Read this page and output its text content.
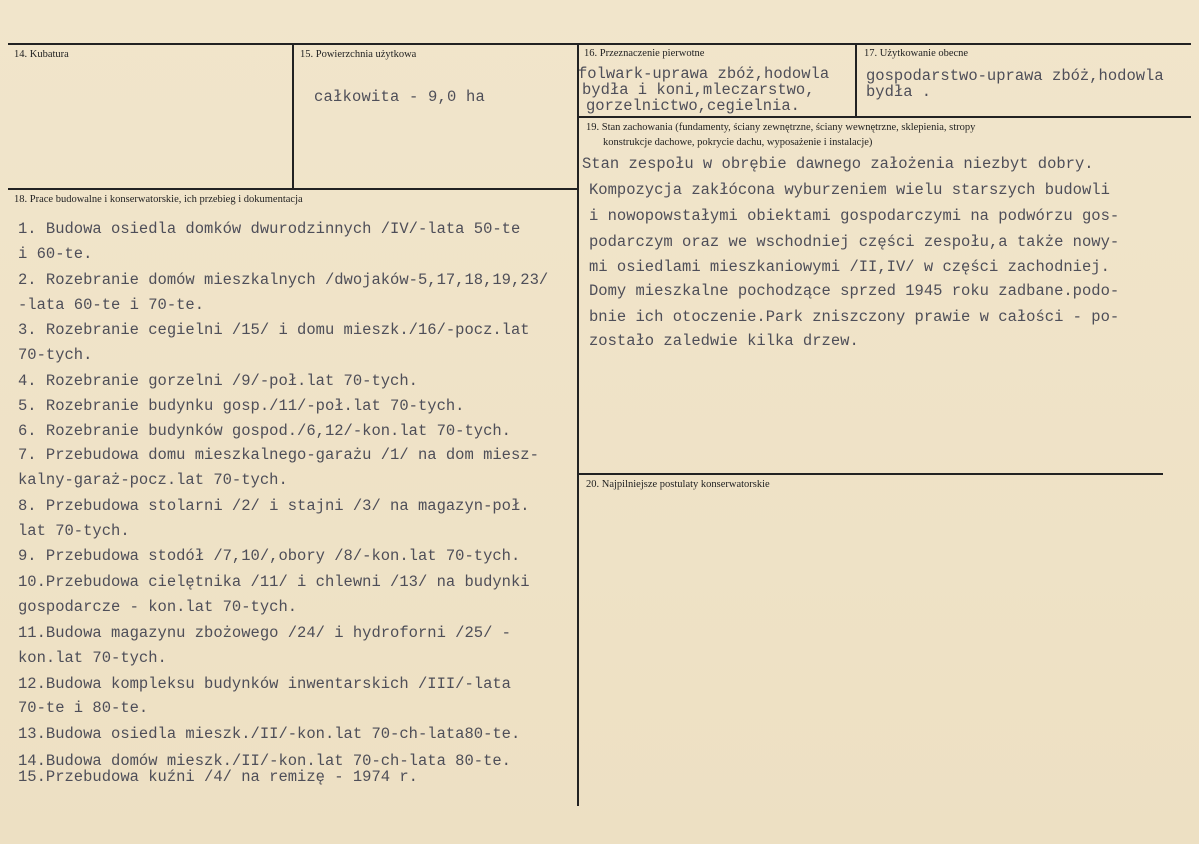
14. Kubatura	15. Powierzchnia użytkowa
całkowita - 9,0 ha
16. Przeznaczenie pierwotne
folwark-uprawa zbóż,hodowla
bydła i koni,mleczarstwo,
gorzelnictwo,cegielnia.
17. Użytkowanie obecne
gospodarstwo-uprawa zbóż,hodowla
bydła .
19. Stan zachowania (fundamenty, ściany zewnętrzne, ściany wewnętrzne, sklepienia, stropy
konstrukcje dachowe, pokrycie dachu, wyposażenie i instalacje)
Stan zespołu w obrębie dawnego założenia niezbyt dobry.
Kompozycja zakłócona wyburzeniem wielu starszych budowli
i nowopowstałymi obiektami gospodarczymi na podwórzu gos-
podarczym oraz we wschodniej części zespołu,a także nowy-
mi osiedlami mieszkaniowymi /II,IV/ w części zachodniej.
Domy mieszkalne pochodzące sprzed 1945 roku zadbane.podo-
bnie ich otoczenie.Park zniszczony prawie w całości - po-
zostało zaledwie kilka drzew.
20. Najpilniejsze postulaty konserwatorskie
18. Prace budowalne i konserwatorskie, ich przebieg i dokumentacja
1. Budowa osiedla domków dwurodzinnych /IV/-lata 50-te
i 60-te.
2. Rozebranie domów mieszkalnych /dwojaków-5,17,18,19,23/
-lata 60-te i 70-te.
3. Rozebranie cegielni /15/ i domu mieszk./16/-pocz.lat
70-tych.
4. Rozebranie gorzelni /9/-poł.lat 70-tych.
5. Rozebranie budynku gosp./11/-poł.lat 70-tych.
6. Rozebranie budynków gospod./6,12/-kon.lat 70-tych.
7. Przebudowa domu mieszkalnego-garażu /1/ na dom miesz-
kalny-garaż-pocz.lat 70-tych.
8. Przebudowa stolarni /2/ i stajni /3/ na magazyn-poł.
lat 70-tych.
9. Przebudowa stodół /7,10/,obory /8/-kon.lat 70-tych.
10.Przebudowa cielętnika /11/ i chlewni /13/ na budynki
gospodarcze - kon.lat 70-tych.
11.Budowa magazynu zbożowego /24/ i hydroforni /25/ -
kon.lat 70-tych.
12.Budowa kompleksu budynków inwentarskich /III/-lata
70-te i 80-te.
13.Budowa osiedla mieszk./II/-kon.lat 70-ch-lata80-te.
14.Budowa domów mieszk./II/-kon.lat 70-ch-lata 80-te.
15.Przebudowa kuźni /4/ na remizę - 1974 r.
